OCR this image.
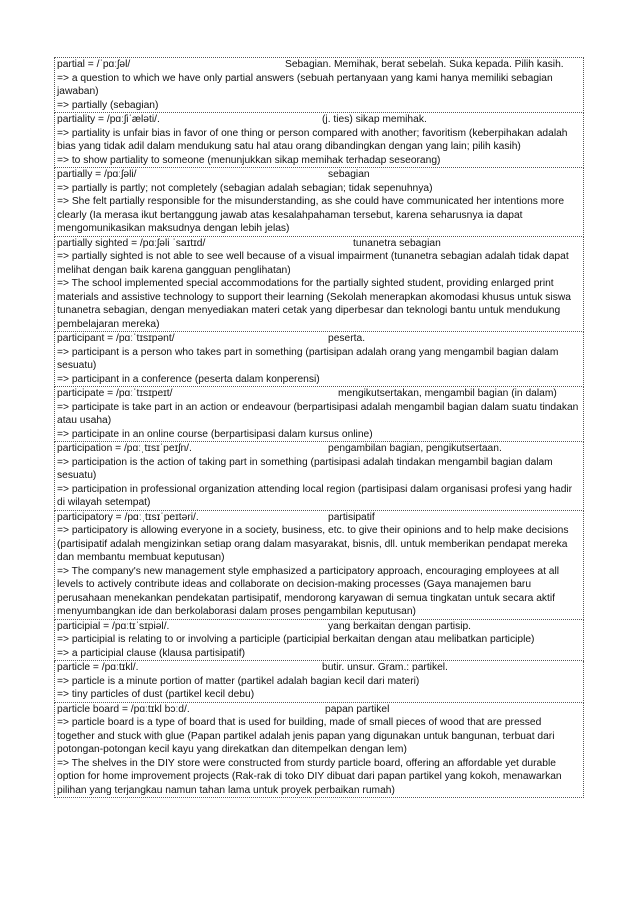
partial = /ˈpɑːʃəl/	Sebagian. Memihak, berat sebelah. Suka kepada. Pilih kasih.
=> a question to which we have only partial answers (sebuah pertanyaan yang kami hanya memiliki sebagian jawaban)
=> partially (sebagian)
partiality = /pɑːʃiˈæləti/.	(j. ties) sikap memihak.
=> partiality is unfair bias in favor of one thing or person compared with another; favoritism (keberpihakan adalah bias yang tidak adil dalam mendukung satu hal atau orang dibandingkan dengan yang lain; pilih kasih)
=> to show partiality to someone (menunjukkan sikap memihak terhadap seseorang)
partially = /pɑːʃəli/	sebagian
=> partially is partly; not completely (sebagian adalah sebagian; tidak sepenuhnya)
=> She felt partially responsible for the misunderstanding, as she could have communicated her intentions more clearly (Ia merasa ikut bertanggung jawab atas kesalahpahaman tersebut, karena seharusnya ia dapat mengomunikasikan maksudnya dengan lebih jelas)
partially sighted = /pɑːʃəli ˈsaɪtɪd/	tunanetra sebagian
=> partially sighted is not able to see well because of a visual impairment (tunanetra sebagian adalah tidak dapat melihat dengan baik karena gangguan penglihatan)
=> The school implemented special accommodations for the partially sighted student, providing enlarged print materials and assistive technology to support their learning (Sekolah menerapkan akomodasi khusus untuk siswa tunanetra sebagian, dengan menyediakan materi cetak yang diperbesar dan teknologi bantu untuk mendukung pembelajaran mereka)
participant = /pɑːˈtɪsɪpənt/	peserta.
=> participant is a person who takes part in something (partisipan adalah orang yang mengambil bagian dalam sesuatu)
=> participant in a conference (peserta dalam konperensi)
participate = /pɑːˈtɪsɪpeɪt/	mengikutsertakan, mengambil bagian (in dalam)
=> participate is take part in an action or endeavour (berpartisipasi adalah mengambil bagian dalam suatu tindakan atau usaha)
=> participate in an online course (berpartisipasi dalam kursus online)
participation = /pɑːˌtɪsɪˈpeɪʃn/.	pengambilan bagian, pengikutsertaan.
=> participation is the action of taking part in something (partisipasi adalah tindakan mengambil bagian dalam sesuatu)
=> participation in professional organization attending local region (partisipasi dalam organisasi profesi yang hadir di wilayah setempat)
participatory = /pɑːˌtɪsɪˈpeɪtəri/.	partisipatif
=> participatory is allowing everyone in a society, business, etc. to give their opinions and to help make decisions (partisipatif adalah mengizinkan setiap orang dalam masyarakat, bisnis, dll. untuk memberikan pendapat mereka dan membantu membuat keputusan)
=> The company's new management style emphasized a participatory approach, encouraging employees at all levels to actively contribute ideas and collaborate on decision-making processes (Gaya manajemen baru perusahaan menekankan pendekatan partisipatif, mendorong karyawan di semua tingkatan untuk secara aktif menyumbangkan ide dan berkolaborasi dalam proses pengambilan keputusan)
participial = /pɑːtɪˈsɪpiəl/.	yang berkaitan dengan partisip.
=> participial is relating to or involving a participle (participial berkaitan dengan atau melibatkan participle)
=> a participial clause (klausa partisipatif)
particle = /pɑːtɪkl/.	butir. unsur. Gram.: partikel.
=> particle is a minute portion of matter (partikel adalah bagian kecil dari materi)
=> tiny particles of dust (partikel kecil debu)
particle board = /pɑːtɪkl bɔːd/.	papan partikel
=> particle board is a type of board that is used for building, made of small pieces of wood that are pressed together and stuck with glue (Papan partikel adalah jenis papan yang digunakan untuk bangunan, terbuat dari potongan-potongan kecil kayu yang direkatkan dan ditempelkan dengan lem)
=> The shelves in the DIY store were constructed from sturdy particle board, offering an affordable yet durable option for home improvement projects (Rak-rak di toko DIY dibuat dari papan partikel yang kokoh, menawarkan pilihan yang terjangkau namun tahan lama untuk proyek perbaikan rumah)
